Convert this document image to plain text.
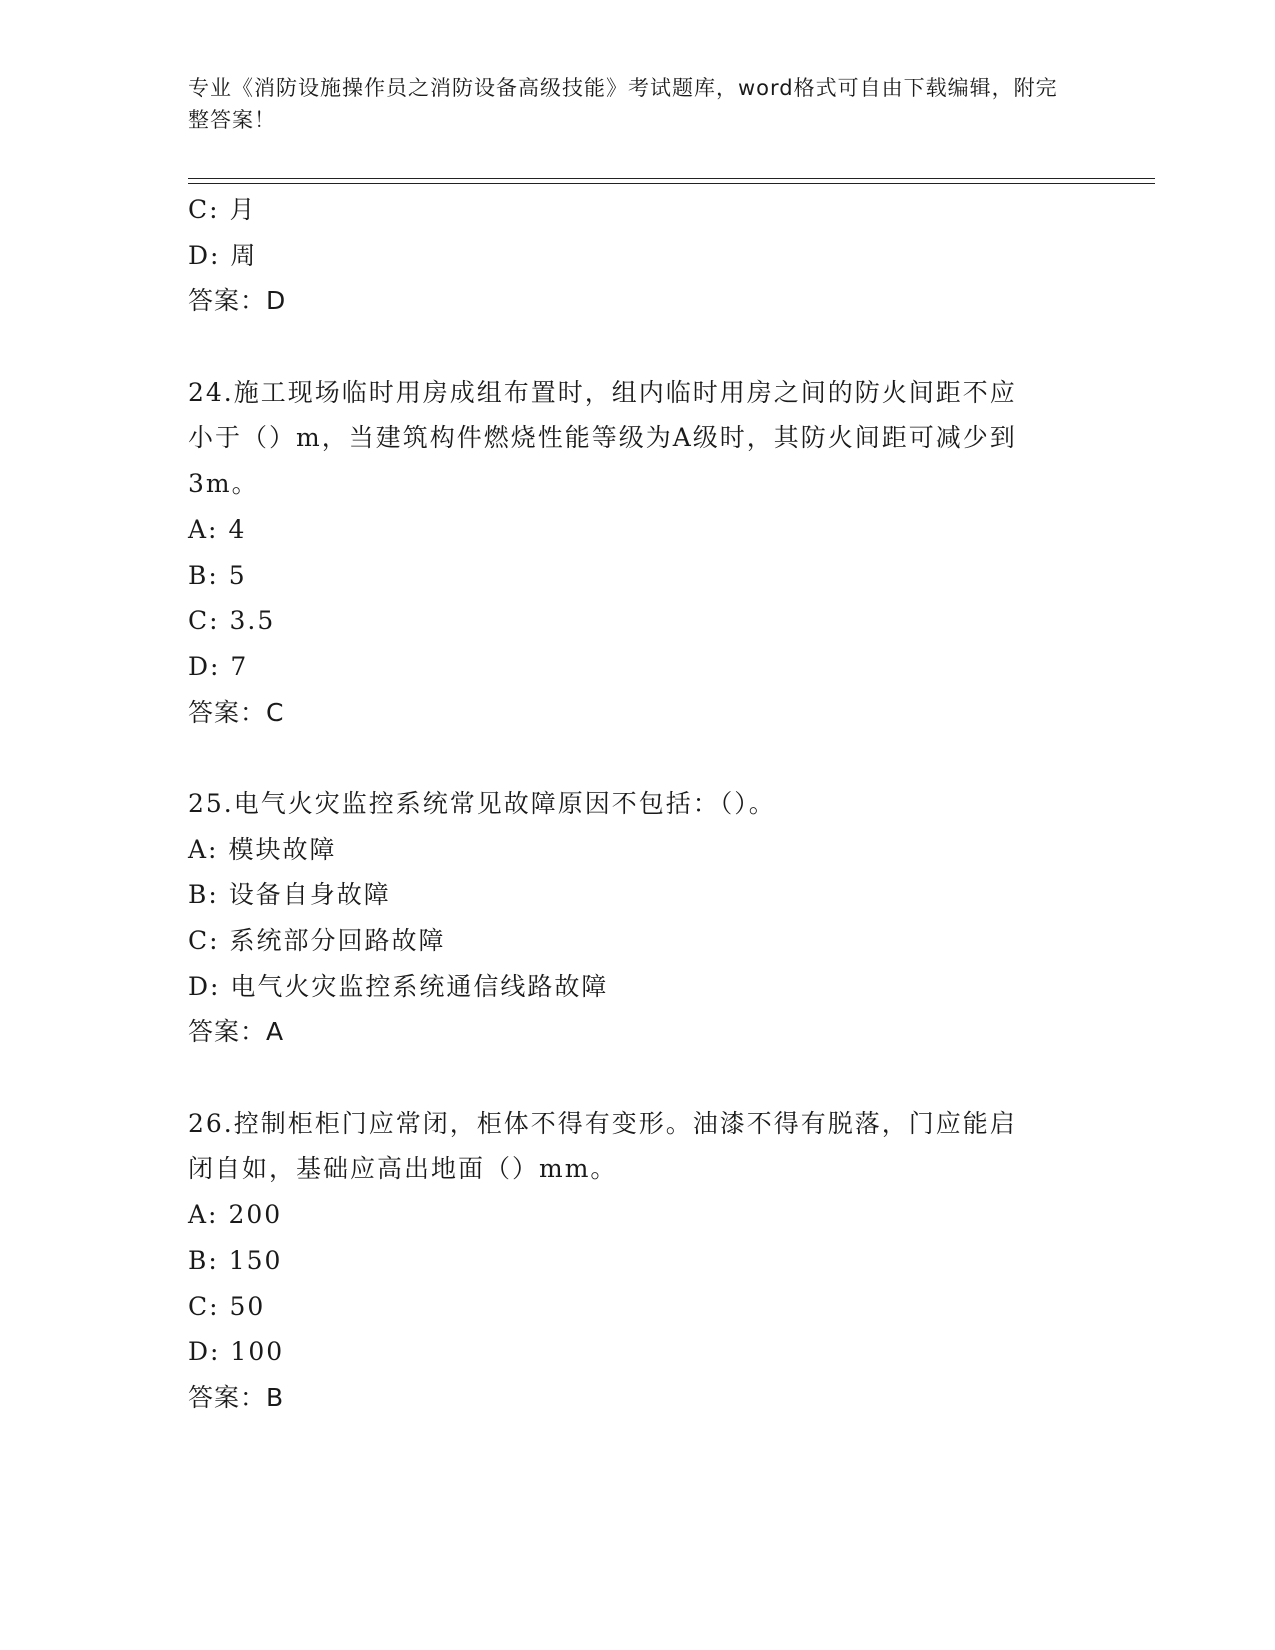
专业《消防设施操作员之消防设备高级技能》考试题库，word格式可自由下载编辑，附完整答案！
C: 月
D: 周
答案：D
24.施工现场临时用房成组布置时，组内临时用房之间的防火间距不应
小于（）m，当建筑构件燃烧性能等级为A级时，其防火间距可减少到
3m。
A: 4
B: 5
C: 3.5
D: 7
答案：C
25.电气火灾监控系统常见故障原因不包括：（）。
A: 模块故障
B: 设备自身故障
C: 系统部分回路故障
D: 电气火灾监控系统通信线路故障
答案：A
26.控制柜柜门应常闭，柜体不得有变形。油漆不得有脱落，门应能启
闭自如，基础应高出地面（）mm。
A: 200
B: 150
C: 50
D: 100
答案：B
